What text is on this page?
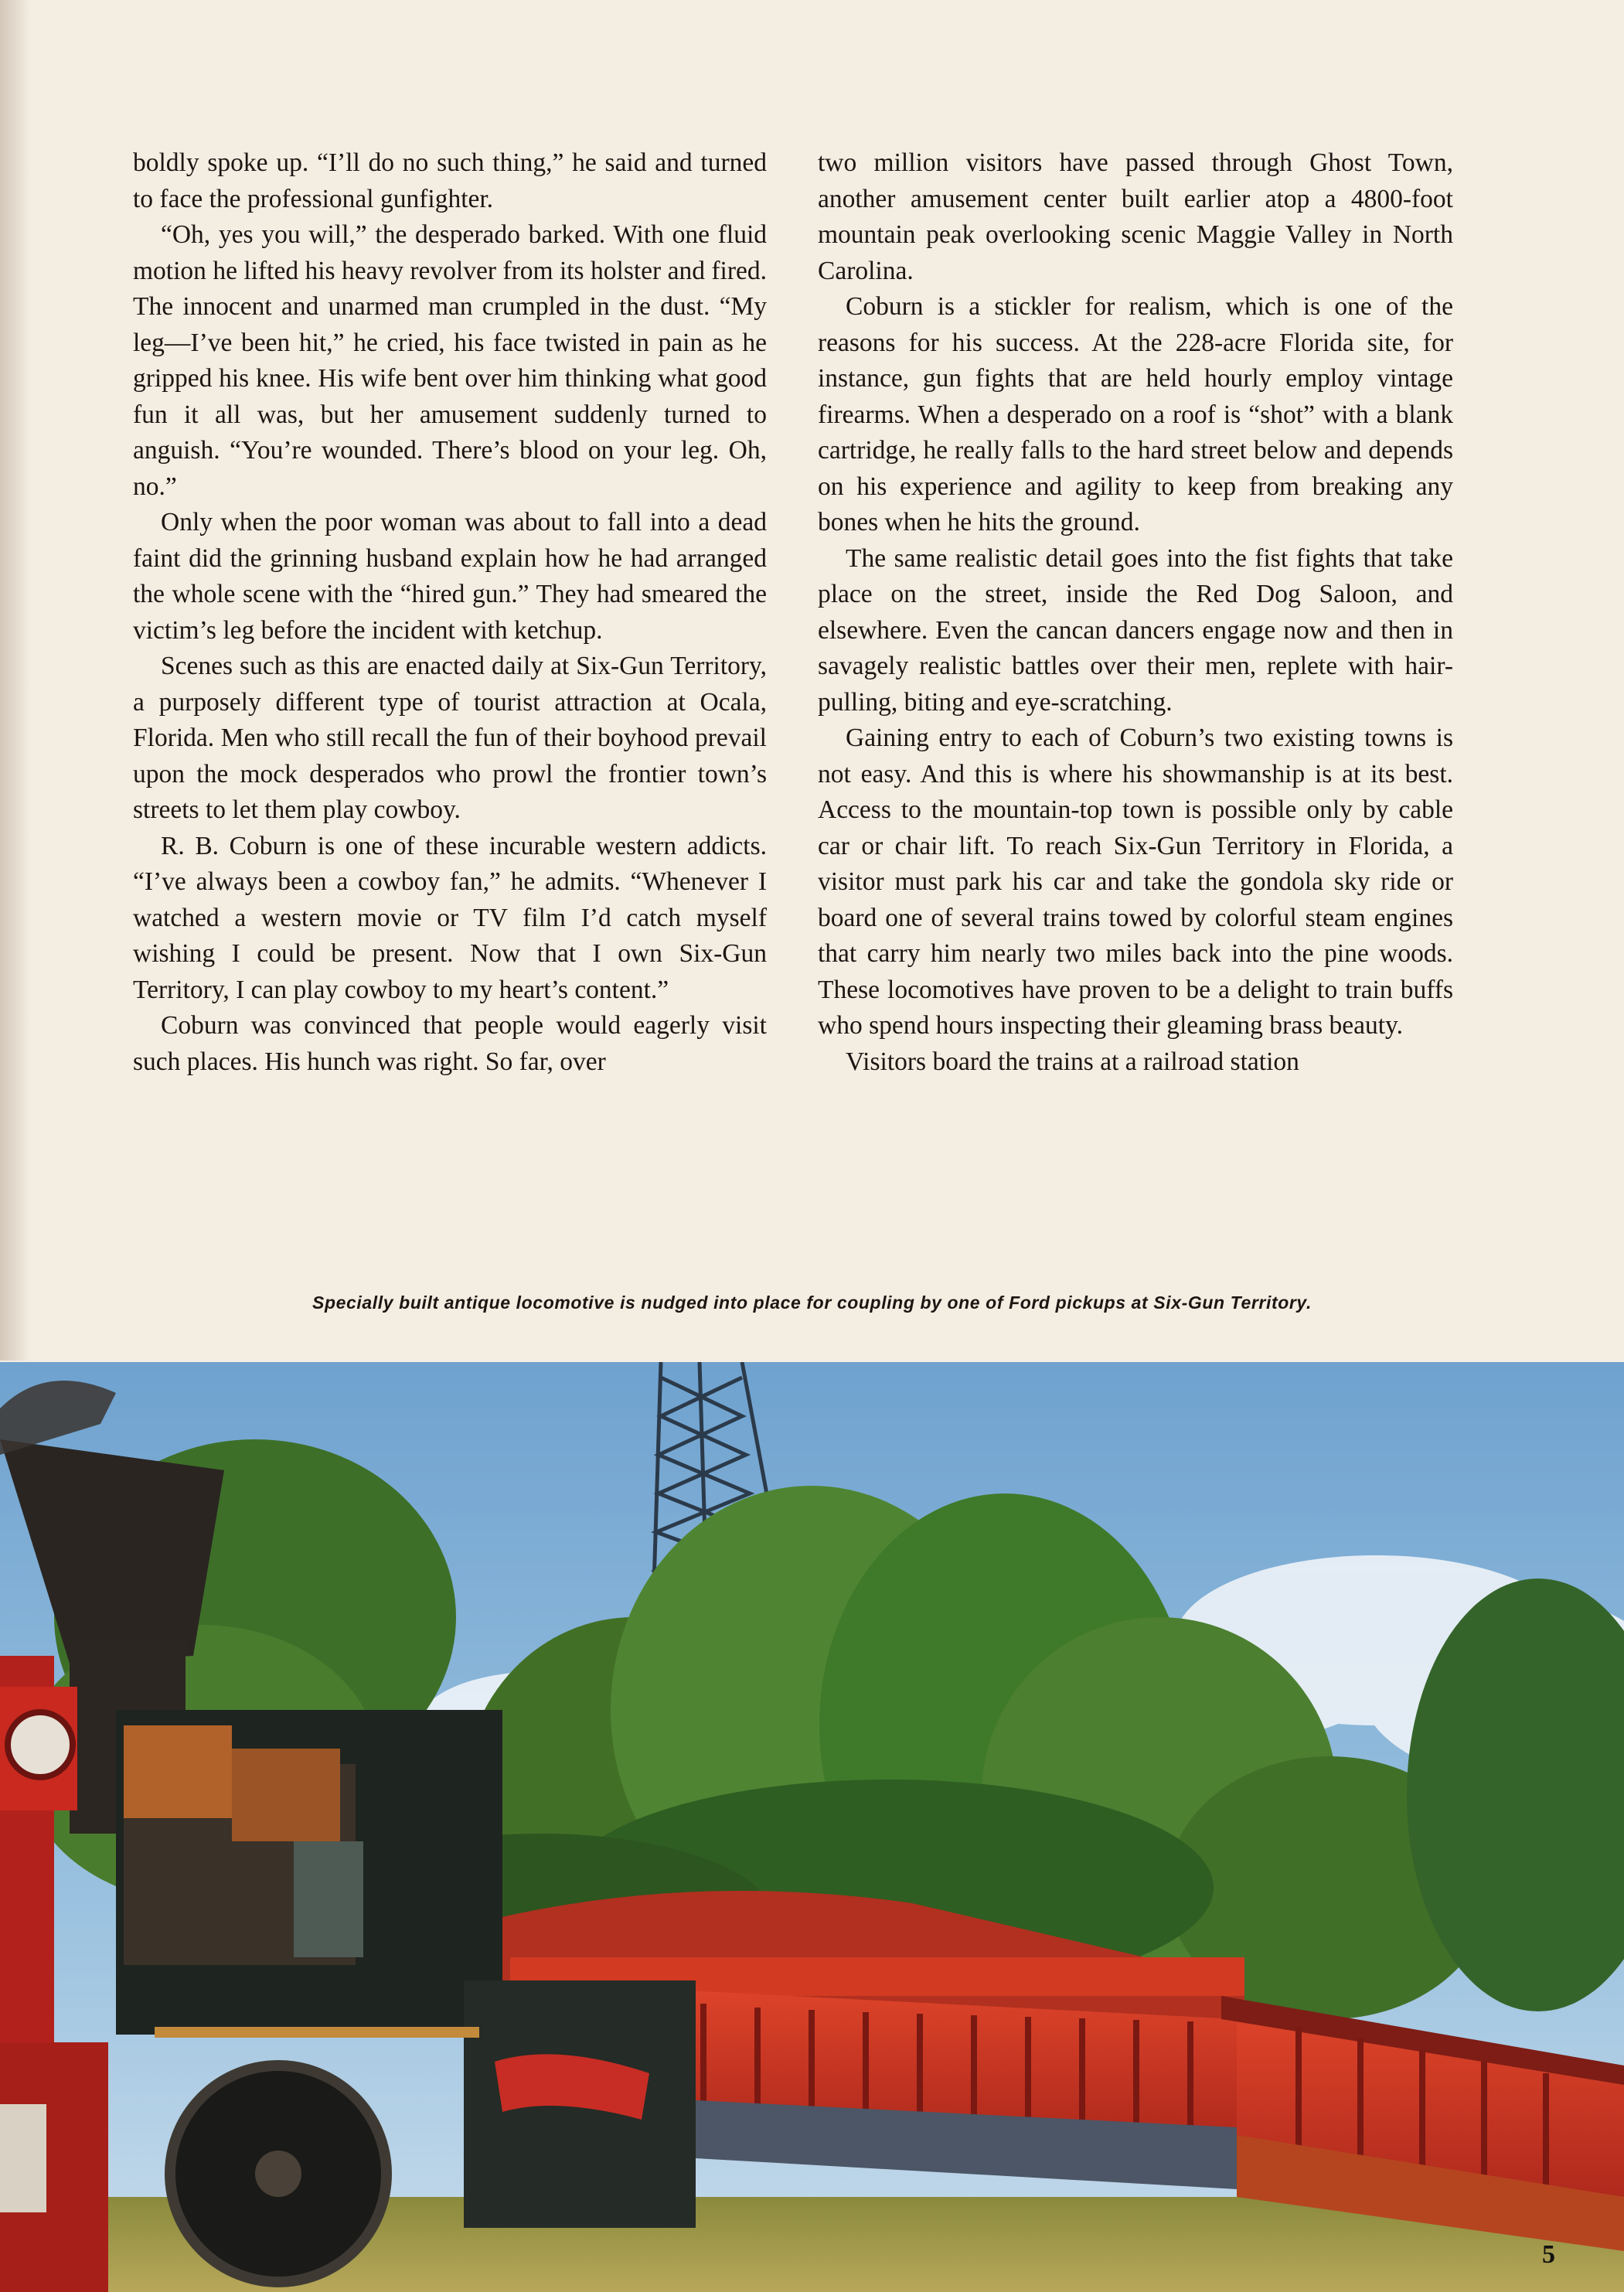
boldly spoke up. “I’ll do no such thing,” he said and turned to face the professional gunfighter.

“Oh, yes you will,” the desperado barked. With one fluid motion he lifted his heavy revolver from its holster and fired. The innocent and unarmed man crumpled in the dust. “My leg—I’ve been hit,” he cried, his face twisted in pain as he gripped his knee. His wife bent over him thinking what good fun it all was, but her amusement suddenly turned to anguish. “You’re wounded. There’s blood on your leg. Oh, no.”

Only when the poor woman was about to fall into a dead faint did the grinning husband explain how he had arranged the whole scene with the “hired gun.” They had smeared the victim’s leg before the incident with ketchup.

Scenes such as this are enacted daily at Six-Gun Territory, a purposely different type of tourist attraction at Ocala, Florida. Men who still recall the fun of their boyhood prevail upon the mock desperados who prowl the frontier town’s streets to let them play cowboy.

R. B. Coburn is one of these incurable western addicts. “I’ve always been a cowboy fan,” he admits. “Whenever I watched a western movie or TV film I’d catch myself wishing I could be present. Now that I own Six-Gun Territory, I can play cowboy to my heart’s content.”

Coburn was convinced that people would eagerly visit such places. His hunch was right. So far, over

two million visitors have passed through Ghost Town, another amusement center built earlier atop a 4800-foot mountain peak overlooking scenic Maggie Valley in North Carolina.

Coburn is a stickler for realism, which is one of the reasons for his success. At the 228-acre Florida site, for instance, gun fights that are held hourly employ vintage firearms. When a desperado on a roof is “shot” with a blank cartridge, he really falls to the hard street below and depends on his experience and agility to keep from breaking any bones when he hits the ground.

The same realistic detail goes into the fist fights that take place on the street, inside the Red Dog Saloon, and elsewhere. Even the cancan dancers engage now and then in savagely realistic battles over their men, replete with hair-pulling, biting and eye-scratching.

Gaining entry to each of Coburn’s two existing towns is not easy. And this is where his showmanship is at its best. Access to the mountain-top town is possible only by cable car or chair lift. To reach Six-Gun Territory in Florida, a visitor must park his car and take the gondola sky ride or board one of several trains towed by colorful steam engines that carry him nearly two miles back into the pine woods. These locomotives have proven to be a delight to train buffs who spend hours inspecting their gleaming brass beauty.

Visitors board the trains at a railroad station

Specially built antique locomotive is nudged into place for coupling by one of Ford pickups at Six-Gun Territory.
5
